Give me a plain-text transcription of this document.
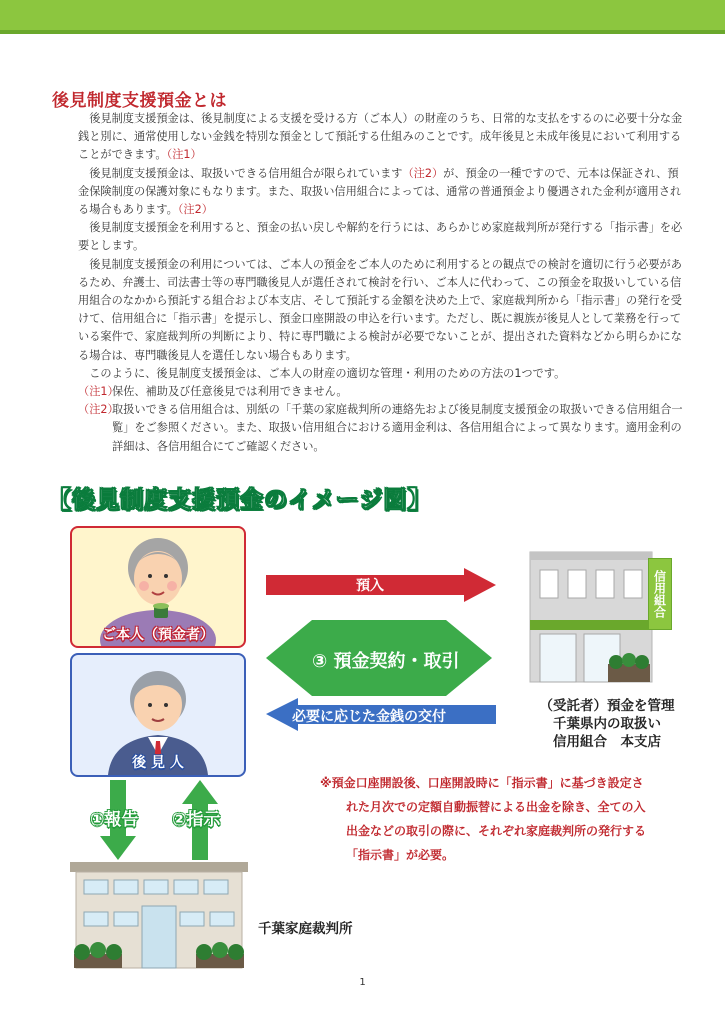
後見制度支援預金とは

後見制度支援預金は、後見制度による支援を受ける方（ご本人）の財産のうち、日常的な支払をするのに必要十分な金銭と別に、通常使用しない金銭を特別な預金として預託する仕組みのことです。成年後見と未成年後見において利用することができます。（注1）

後見制度支援預金は、取扱いできる信用組合が限られています（注2）が、預金の一種ですので、元本は保証され、預金保険制度の保護対象にもなります。また、取扱い信用組合によっては、通常の普通預金より優遇された金利が適用される場合もあります。（注2）

後見制度支援預金を利用すると、預金の払い戻しや解約を行うには、あらかじめ家庭裁判所が発行する「指示書」を必要とします。

後見制度支援預金の利用については、ご本人の預金をご本人のために利用するとの観点での検討を適切に行う必要があるため、弁護士、司法書士等の専門職後見人が選任されて検討を行い、ご本人に代わって、この預金を取扱いしている信用組合のなかから預託する組合および本支店、そして預託する金額を決めた上で、家庭裁判所から「指示書」の発行を受けて、信用組合に「指示書」を提示し、預金口座開設の申込を行います。ただし、既に親族が後見人として業務を行っている案件で、家庭裁判所の判断により、特に専門職による検討が必要でないことが、提出された資料などから明らかになる場合は、専門職後見人を選任しない場合もあります。

このように、後見制度支援預金は、ご本人の財産の適切な管理・利用のための方法の1つです。

（注1）
保佐、補助及び任意後見では利用できません。

（注2）
取扱いできる信用組合は、別紙の「千葉の家庭裁判所の連絡先および後見制度支援預金の取扱いできる信用組合一覧」をご参照ください。また、取扱い信用組合における適用金利は、各信用組合によって異なります。適用金利の詳細は、各信用組合にてご確認ください。

【後見制度支援預金のイメージ図】
ご本人（預金者）
後 見 人
預入
③ 預金契約・取引
必要に応じた金銭の交付
信用組合
（受託者）預金を管理
千葉県内の取扱い
信用組合　本支店
①報告 ②指示
千葉家庭裁判所
※預金口座開設後、口座開設時に「指示書」に基づき設定さ
れた月次での定額自動振替による出金を除き、全ての入
出金などの取引の際に、それぞれ家庭裁判所の発行する
「指示書」が必要。
1
